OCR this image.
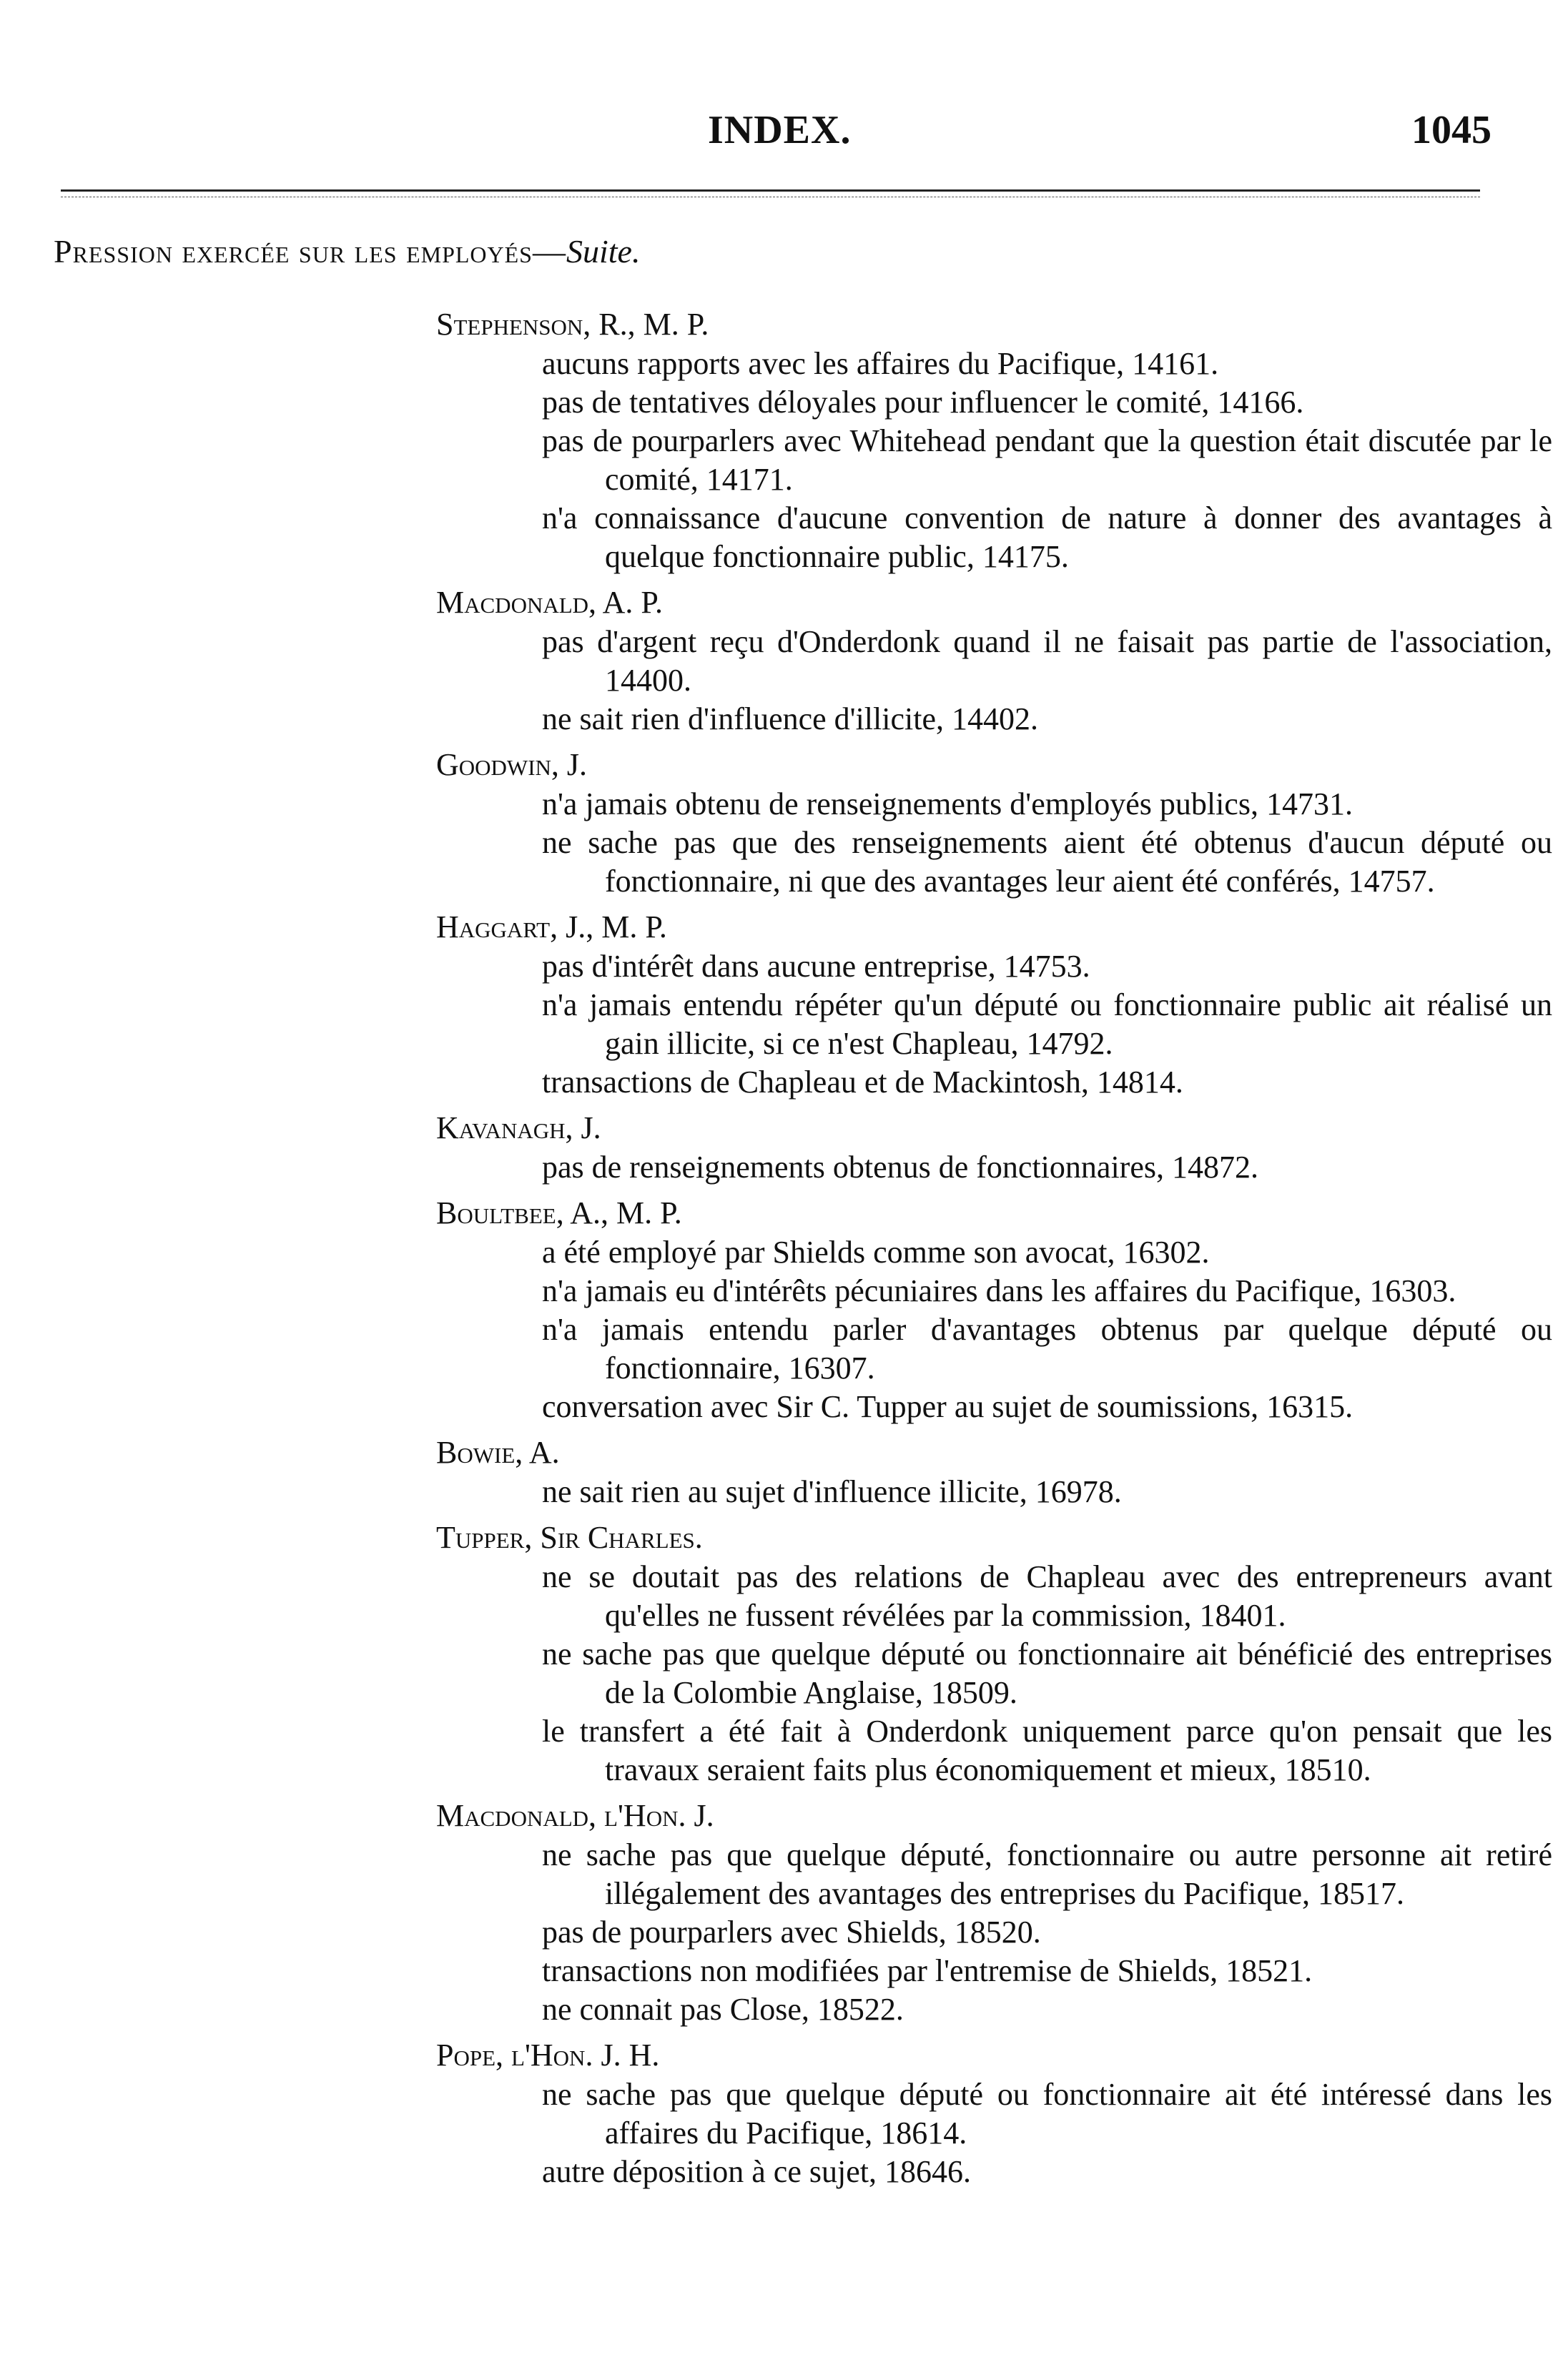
INDEX.	1045
Pression exercée sur les employés—Suite.
Stephenson, R., M. P.
aucuns rapports avec les affaires du Pacifique, 14161.
pas de tentatives déloyales pour influencer le comité, 14166.
pas de pourparlers avec Whitehead pendant que la question était discutée par le comité, 14171.
n'a connaissance d'aucune convention de nature à donner des avantages à quelque fonctionnaire public, 14175.
Macdonald, A. P.
pas d'argent reçu d'Onderdonk quand il ne faisait pas partie de l'association, 14400.
ne sait rien d'influence d'illicite, 14402.
Goodwin, J.
n'a jamais obtenu de renseignements d'employés publics, 14731.
ne sache pas que des renseignements aient été obtenus d'aucun député ou fonctionnaire, ni que des avantages leur aient été conférés, 14757.
Haggart, J., M. P.
pas d'intérêt dans aucune entreprise, 14753.
n'a jamais entendu répéter qu'un député ou fonctionnaire public ait réalisé un gain illicite, si ce n'est Chapleau, 14792.
transactions de Chapleau et de Mackintosh, 14814.
Kavanagh, J.
pas de renseignements obtenus de fonctionnaires, 14872.
Boultbee, A., M. P.
a été employé par Shields comme son avocat, 16302.
n'a jamais eu d'intérêts pécuniaires dans les affaires du Pacifique, 16303.
n'a jamais entendu parler d'avantages obtenus par quelque député ou fonctionnaire, 16307.
conversation avec Sir C. Tupper au sujet de soumissions, 16315.
Bowie, A.
ne sait rien au sujet d'influence illicite, 16978.
Tupper, Sir Charles.
ne se doutait pas des relations de Chapleau avec des entrepreneurs avant qu'elles ne fussent révélées par la commission, 18401.
ne sache pas que quelque député ou fonctionnaire ait bénéficié des entreprises de la Colombie Anglaise, 18509.
le transfert a été fait à Onderdonk uniquement parce qu'on pensait que les travaux seraient faits plus économiquement et mieux, 18510.
Macdonald, l'Hon. J.
ne sache pas que quelque député, fonctionnaire ou autre personne ait retiré illégalement des avantages des entreprises du Pacifique, 18517.
pas de pourparlers avec Shields, 18520.
transactions non modifiées par l'entremise de Shields, 18521.
ne connait pas Close, 18522.
Pope, l'Hon. J. H.
ne sache pas que quelque député ou fonctionnaire ait été intéressé dans les affaires du Pacifique, 18614.
autre déposition à ce sujet, 18646.
